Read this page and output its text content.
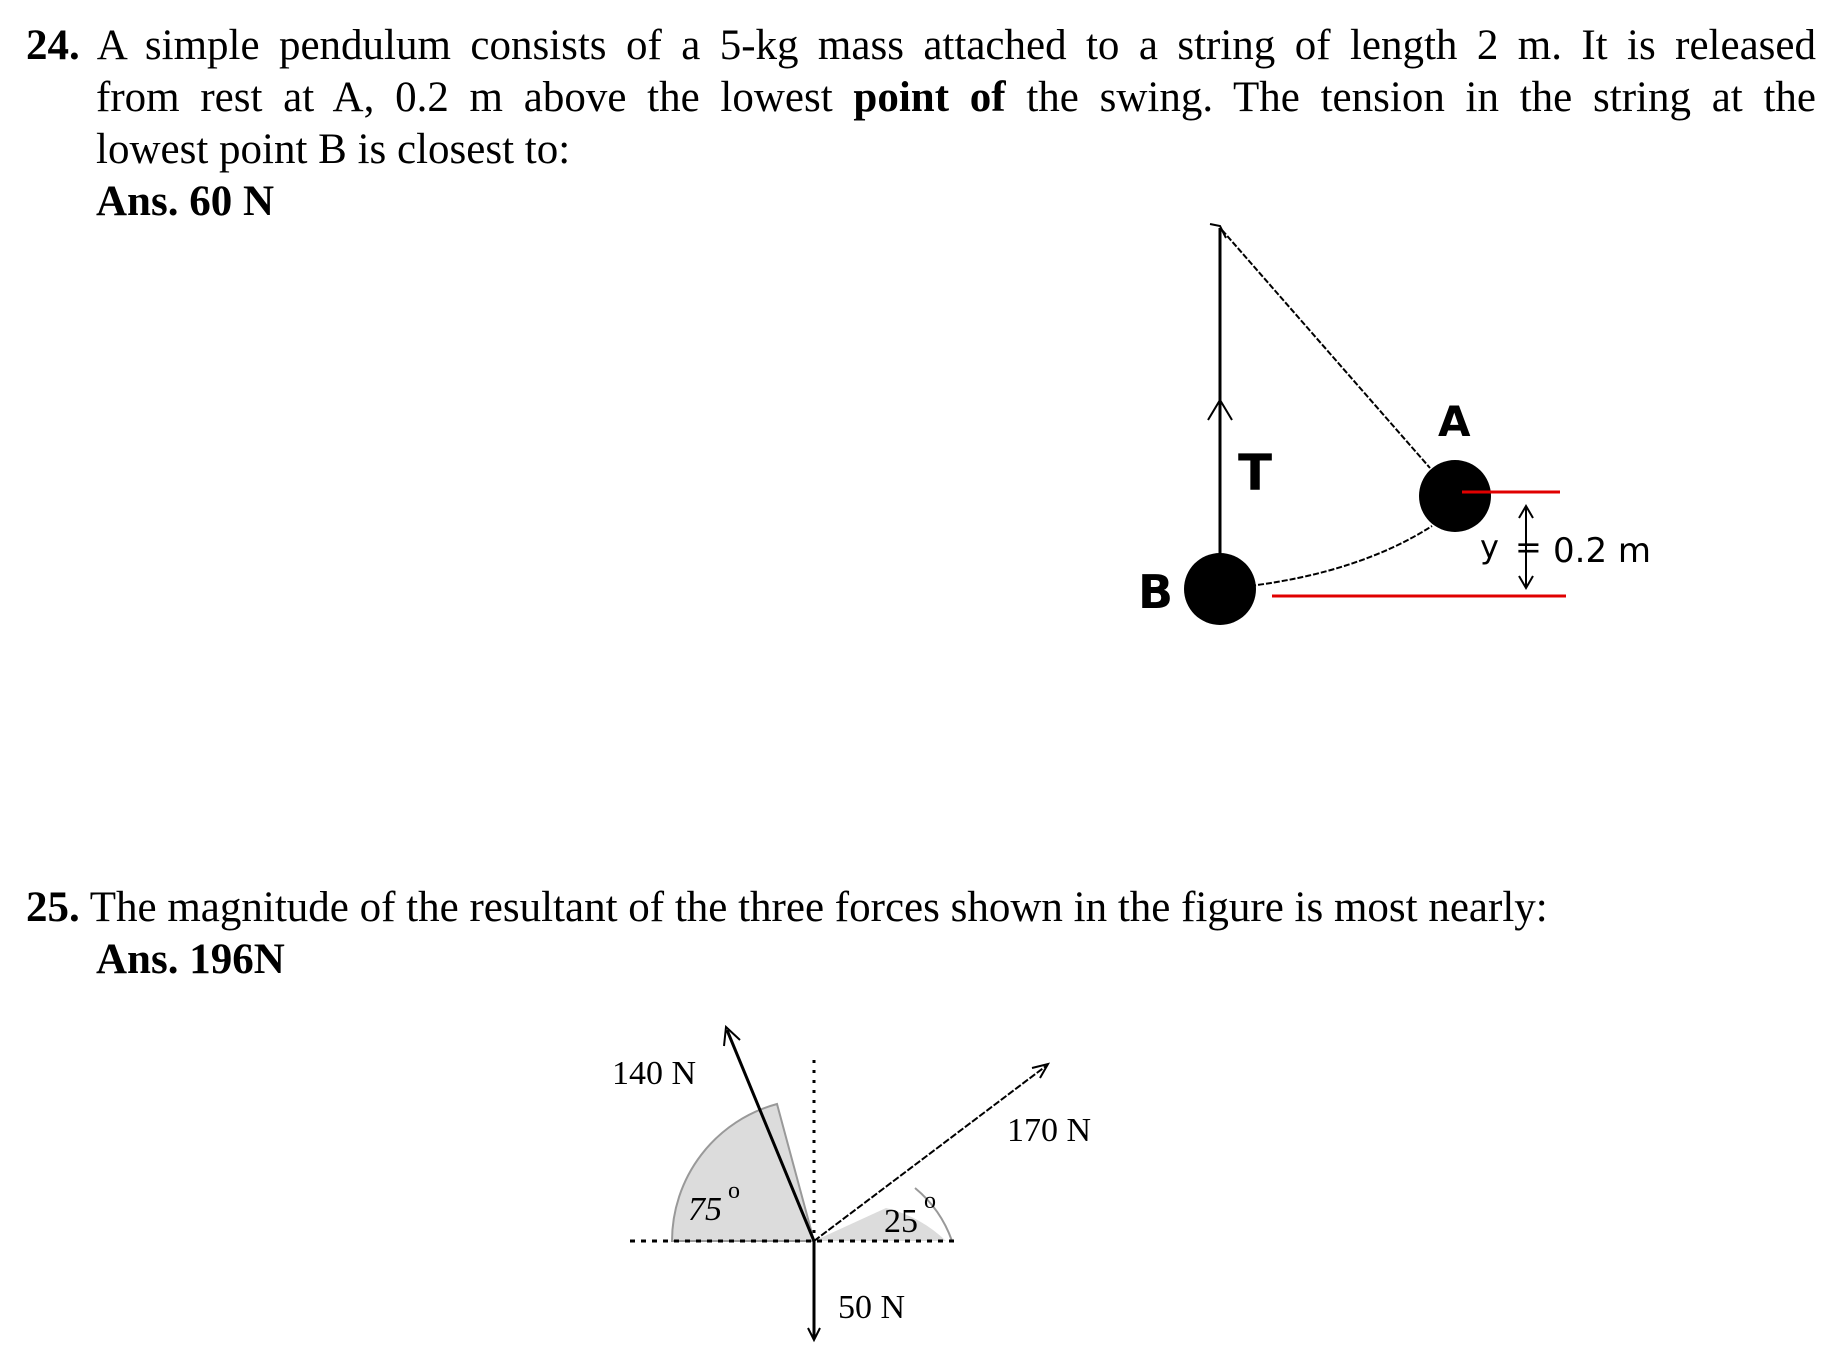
24. A simple pendulum consists of a 5-kg mass attached to a string of length 2 m. It is released

from rest at A, 0.2 m above the lowest point of the swing. The tension in the string at the

lowest point B is closest to:

Ans. 60 N

25. The magnitude of the resultant of the three forces shown in the figure is most nearly:

Ans. 196N

A
B
T
y = 0.2 m
140 N
170 N
50 N
75 o
25
o
